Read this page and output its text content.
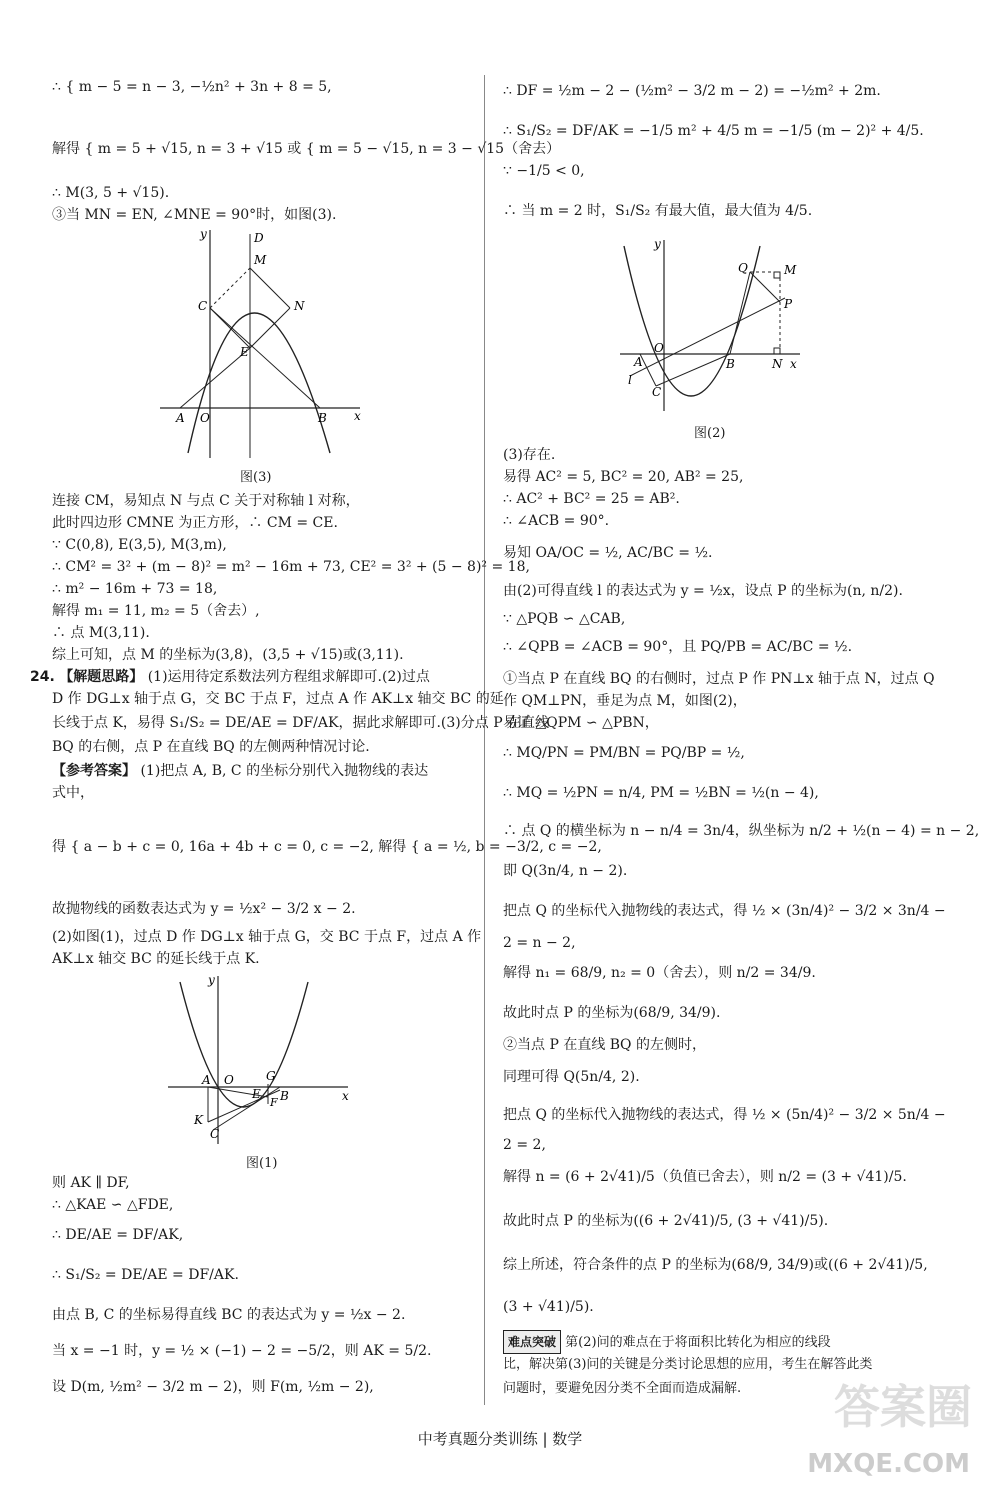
∴ { m − 5 = n − 3, −½n² + 3n + 8 = 5,
解得 { m = 5 + √15, n = 3 + √15 或 { m = 5 − √15, n = 3 − √15（舍去）
∴ M(3, 5 + √15).
③当 MN = EN, ∠MNE = 90°时，如图(3).
y	D
M
C	N
E
A O	B x
图(3)
连接 CM，易知点 N 与点 C 关于对称轴 l 对称，
此时四边形 CMNE 为正方形，∴ CM = CE.
∵ C(0,8), E(3,5), M(3,m),
∴ CM² = 3² + (m − 8)² = m² − 16m + 73, CE² = 3² + (5 − 8)² = 18,
∴ m² − 16m + 73 = 18,
解得 m₁ = 11, m₂ = 5（舍去）,
∴ 点 M(3,11).
综上可知，点 M 的坐标为(3,8)，(3,5 + √15)或(3,11).
24. 【解题思路】 (1)运用待定系数法列方程组求解即可.(2)过点
D 作 DG⊥x 轴于点 G，交 BC 于点 F，过点 A 作 AK⊥x 轴交 BC 的延
长线于点 K，易得 S₁/S₂ = DE/AE = DF/AK，据此求解即可.(3)分点 P 在直线
BQ 的右侧，点 P 在直线 BQ 的左侧两种情况讨论.
【参考答案】 (1)把点 A, B, C 的坐标分别代入抛物线的表达
式中，
得 { a − b + c = 0, 16a + 4b + c = 0, c = −2, 解得 { a = ½, b = −3/2, c = −2,
故抛物线的函数表达式为 y = ½x² − 3/2 x − 2.
(2)如图(1)，过点 D 作 DG⊥x 轴于点 G，交 BC 于点 F，过点 A 作
AK⊥x 轴交 BC 的延长线于点 K.
y
A O	G
E
F B
K
C
x
图(1)
则 AK ∥ DF,
∴ △KAE ∽ △FDE,
∴ DE/AE = DF/AK,
∴ S₁/S₂ = DE/AE = DF/AK.
由点 B, C 的坐标易得直线 BC 的表达式为 y = ½x − 2.
当 x = −1 时，y = ½ × (−1) − 2 = −5/2，则 AK = 5/2.
设 D(m, ½m² − 3/2 m − 2)，则 F(m, ½m − 2),
∴ DF = ½m − 2 − (½m² − 3/2 m − 2) = −½m² + 2m.
∴ S₁/S₂ = DF/AK = −1/5 m² + 4/5 m = −1/5 (m − 2)² + 4/5.
∵ −1/5 < 0,
∴ 当 m = 2 时，S₁/S₂ 有最大值，最大值为 4/5.
y
Q	M
P
A
O
B	N x
l
C
图(2)
(3)存在.
易得 AC² = 5, BC² = 20, AB² = 25,
∴ AC² + BC² = 25 = AB².
∴ ∠ACB = 90°.
易知 OA/OC = ½, AC/BC = ½.
由(2)可得直线 l 的表达式为 y = ½x，设点 P 的坐标为(n, n/2).
∵ △PQB ∽ △CAB,
∴ ∠QPB = ∠ACB = 90°，且 PQ/PB = AC/BC = ½.
①当点 P 在直线 BQ 的右侧时，过点 P 作 PN⊥x 轴于点 N，过点 Q
作 QM⊥PN，垂足为点 M，如图(2)，
易证 △QPM ∽ △PBN，
∴ MQ/PN = PM/BN = PQ/BP = ½,
∴ MQ = ½PN = n/4, PM = ½BN = ½(n − 4),
∴ 点 Q 的横坐标为 n − n/4 = 3n/4，纵坐标为 n/2 + ½(n − 4) = n − 2,
即 Q(3n/4, n − 2).
把点 Q 的坐标代入抛物线的表达式，得 ½ × (3n/4)² − 3/2 × 3n/4 −
2 = n − 2,
解得 n₁ = 68/9, n₂ = 0（舍去），则 n/2 = 34/9.
故此时点 P 的坐标为(68/9, 34/9).
②当点 P 在直线 BQ 的左侧时，
同理可得 Q(5n/4, 2).
把点 Q 的坐标代入抛物线的表达式，得 ½ × (5n/4)² − 3/2 × 5n/4 −
2 = 2,
解得 n = (6 + 2√41)/5（负值已舍去），则 n/2 = (3 + √41)/5.
故此时点 P 的坐标为((6 + 2√41)/5, (3 + √41)/5).
综上所述，符合条件的点 P 的坐标为(68/9, 34/9)或((6 + 2√41)/5,
(3 + √41)/5).
难点突破 第(2)问的难点在于将面积比转化为相应的线段
比，解决第(3)问的关键是分类讨论思想的应用，考生在解答此类
问题时，要避免因分类不全面而造成漏解.
中考真题分类训练 | 数学
答案圈
MXQE.COM
